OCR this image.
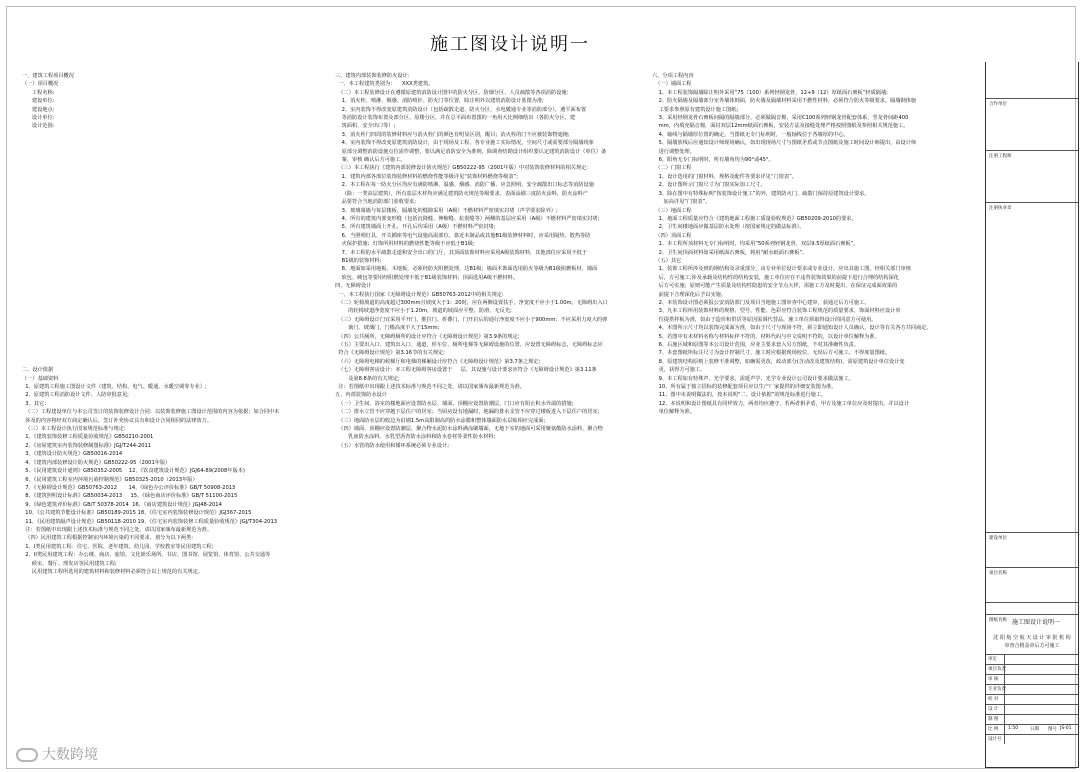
施工图设计说明一
一、建筑工程项目概况
（一）项目概况
工程名称:
建设单位:
建设地点:
设计单位:
设计范围:

二、设计依据
（一）基础资料
1、原建筑工程施工图设计文件（建筑、结构、电气、暖通、水暖空调等专业）;
2、原建筑工程消防设计文件、人防审批意见;
3、其它：
（二）工程建设单位与本公司签订的装饰装修设计合同：以装饰装修施工图设计范围的内容为依据；如合同中未
涉及的内容将经双方商定确认后，签订补充协议具有和设计合同相同的法律效力。
（三）本工程设计执行国家规范标准与规定:
1、《建筑装饰装修工程质量验收规范》GB50210-2001
2、《房屋建筑室内装饰装修制图标准》JGJ/T244-2011
3、《建筑设计防火规范》GB50016-2014
4、《建筑内部装修设计防火规范》GB50222-95（2001年版）
5、《民用建筑设计通则》GB50352-2005    12、《饮食建筑设计规范》JGJ64-89(2008年版本)
6、《民用建筑工程室内环境污染控制规范》GB50325-2010（2013年版）
7、《无障碍设计规范》GB50763-2012       14、《绿色办公评价标准》GB/T 50908-2013
8、《建筑照明设计标准》GB50034-2013     15、《绿色商店评价标准》GB/T 51100-2015
9、《绿色建筑评价标准》GB/T 50378-2014  16、《商店建筑设计规范》JGJ48-2014
10、《公共建筑节能设计标准》GB50189-2015 18、《住宅室内装饰装修设计规范》JGJ367-2015
11、《民用建筑隔声设计规范》GB50118-2010 19、《住宅室内装饰装修工程质量验收规范》JGJ/T304-2013
注：若图纸中出现跟上述技术标准与规范不同之处，请以国家颁布最新规范为准。
（四）民用建筑工程根据控制室内环境污染的不同要求，划分为以下两类:
1、I类民用建筑工程：住宅、医院、老年建筑、幼儿园、学校教室等民用建筑工程;
2、II类民用建筑工程：办公楼、商店、旅馆、文化娱乐场所、书店、图书馆、展览馆、体育馆、公共交通等
候室、餐厅、理发店等民用建筑工程;
民用建筑工程所选用的建筑材料和装修材料必须符合以上规范的有关规定。
三、建筑内部装饰装修防火设计：
一、本工程建筑类别为：    XXX类建筑。
（二）本工程装修设计在遵循原建筑消防设计图中的防火分区、防烟分区、人员疏散等各项消防设施：
1、消火栓、喷淋、烟感、消防喷针、防火门等位置，除注明外以建筑消防设计蓝图为准;
2、室内装饰不得改变原建筑消防设计（包括疏散走道、防火分区、水电暖通专业等消防部分），遇平面布置
等消防设计装饰布置及部分区、原楼分区，并在总平面布置图的一角用大比例细绘出（各防火分区、建
筑面积、安全出口等）;
3、消火栓门四周的装修材料应与消火栓门的颜色有明显区别，醒目；消火栓的门不应被装饰物遮掩;
4、室内装饰不得改变原建筑消防设计，由于现场及工程、各专业施工实际情况，空间尺寸或需要部分隔墙现象
原部分调整消防设施点位需作调整，要以满足消防安全为准则，除调查结勘设计组织要认定建筑消防设计（单位）备
案、审核 确认后方可施工。
（三）本工程执行《建筑内部装修设计防火规范》GB50222-95（2001年版）中对装饰装修材料的相关规定：
1、建筑内部各部位装饰装修材料的燃烧性能等级详见“装饰材料燃烧等级表”;
2、本工程在每一防火分区均应有满防喷淋、温感、烟感、消防广播、应急照明、安全疏散出口标志等消防设施
（除：一类高层建筑），所有基层木材均应满足建筑防火规范等级要求，表面涂刷三度防火涂料，防火涂料产
品要符合当地消防部门验收要求;
3、玻璃幕墙与每层楼板、隔墙处的缝隙采用（A级）不燃材料严密填实封堵（声学要求除外）;
4、所有的建筑内部变形缝（包括沉降缝、伸缩缝、抗震缝等）两侧的基层应采用（A级）不燃材料严密填实封堵;
5、所有建筑墙面上开孔、开孔后均采用（A级）不燃材料严密封堵;
6、当照明灯具、开关插座等电气设施高温部位，靠近木制品或其他B1级装修材料时，应采用隔热、散热等防
火保护措施；灯饰所用材料的燃烧性能等级不应低于B1级;
7、本工程的水平疏散走道和安全出口的门厅，其顶面装饰材料应采用A级装饰材料，其他部位应采用不低于
B1级的装饰材料;
8、地面如采用地板、木地板，必须经防火阻燃处理，达B1级；墙面木饰面选用防火等级为B1级阻燃板材，墙面
软包、硬包等要用经阻燃处理不低于B1级装饰材料；顶面选用A级不燃材料。
四、无障碍设计
一、本工程执行国家《无障碍设计规范》GB50763-2012中的相关规定:
（二）轮椅坡道的高度超过300mm且坡度大于1：20时，应在两侧设置扶手，净宽度不应小于1.00m，无障碍出入口
的轮椅坡道净宽度不应小于1.20m，坡道的坡面应平整、防滑、无反光;
（三）无障碍设计门宜采用平开门、推拉门、折叠门，门开启后的通行净宽度不应小于900mm；不应采用力度大的弹
簧门、玻璃门，门槛高度不大于15mm;
（四）公共厕所，无障碍厕所的设计应符合《无障碍设计规范》第3.9条的规定;
（五）主要出入口、建筑出入口、通道、停车位、厕所电梯等无障碍设施的位置，应设置无障碍标志，无障碍标志应
符合《无障碍设计规范》第3.16节的有关规定;
（六）无障碍电梯的候梯厅和电梯的梯厢设计应符合《无障碍设计规范》第3.7条之规定;
（七）无障碍客房设计：本工程无障碍客房设置于     层，其设施与设计要求应符合《无障碍设计规范》第3.11条
及第8.8条的有关规定;
注：若图纸中出现跟上述技术标准与规范不同之处，请以国家颁布最新规范为准。
五、内部装饰防水设计
（一）卫生间、浴室的楼地面应设置防水层、墙面、顶棚应设置防潮层，门口应有阻止积水外溢的措施;
（二）排水立管不应穿越下层住户的居室；当厨房设有地漏时，地漏的排水支管不应穿过楼板进入下层住户的居室;
（三）地面防水层的收边为沿墙1.5m高限制高的防水涂膜和整体墙面防水层贴相应完成面;
（四）墙面、顶棚应设置防潮层，聚合物水泥防水涂料满涂刷墙面，无地下室的地面可采用聚氨酯防水涂料，聚合物
乳液防水涂料、水乳型沥青防水涂料和防水卷材等柔性防水材料;
（五）水管的防水使用和循环系统必须专业设计;
六、分项工程内容
（一）墙面工程
1、本工程装饰隔墙除注明外采用“75（100）系列轻钢龙骨，12+9（12）厚纸面石膏板”轻质隔墙;
2、防火隔墙及隔墙部分室外墙体倒面，防火墙及隔墙材料采用不燃性材料，必须符合防火等级要求，隔墙钢体施
工要求参照原有建筑设计施工图纸;
3、采用轻钢龙骨石膏板间隔的隔墙部分，必须做隔音棉，采用C100系列轻钢龙骨配套体系，竖龙骨间距400
mm，内填充隔音棉，面封双层12mm纸面石膏板，安装方法及接缝处理严格按照图纸及参照相关规范施工。
4、轴线与隔墙厚位置的确定，当图纸无专门标明时，一般轴线位于各墙厚的中心。
5、隔墙放线后应通知设计师现场确认，如出现现场尺寸与图纸矛盾或节点图纸及施工时间设计师提出，由设计师
进行调整处理。
6、阳角无专门标明时，所有墙角均为90°或45°。
（二）门窗工程
1、设计选用的门窗材料、规格及配件等要求详见“门窗表”。
2、设计图所示门窗尺寸为门窗实际加工尺寸。
3、除在图中有特殊标明“按装饰设计施工”的外，建筑防火门、疏散门保持原建筑设计要求。
加高详见“门窗表”。
（三）地面工程
1、地面工程质量应符合《建筑地面工程施工质量验收规范》GB50209-2010的要求。
2、卫生间楼地面应做基层防水处理（按国家规定的做法标准）。
（四）顶面工程
1、本工程所顶材料无专门标明时，均采用“50系列轻钢龙骨，双层9.5厚纸面石膏板”。
2、卫生间顶面材料如采用纸面石膏板，将用“耐水纸面石膏板”。
（五）其它
1、装饰工程所涉及到的钢结构及录重部分，由专业单位设计要求或专业设计，应出具施工图，经相关部门审核
后，方可施工;涉及承载及结构性的结构安装，施工单位应在不违背装饰效果的前提下进行合理的结构深化
后方可实施；原则可能产生质量及结构性隐患的安全节点大样，需施工方及时提出，在保证完成面效果的
前提下合理深化后予以实施。
2、本装饰设计图必须报公安消防部门及项目当地施工图审查中心建审，获通过后方可施工。
3、凡本工程所用装饰材料的规格、型号、性能、色彩应符合装饰工程规范的质量要求，饰面材料应设计单
位提供样板为准，如由于造价和供货等原因需调代替品，施工单位须取得设计的同意方可使用。
4、本图所示尺寸均以装饰完成面为准，如由于尺寸与现场不符，须立即通知设计人员确认，设计等有关各方共同商定。
5、若图中有未材料名称与材料标样不符的，材料代码与中文说明不符的，以设计单位解释为准。
6、后施区域和原图等本公司设计范围，应业主要求套入另方图纸，不对其准确性负责。
7、本套图纸所标注尺寸为设计控制尺寸，施工时应根据现场校位，无误后方可施工，不得度量图纸。
8、原建筑结构原则上装修不准调整，如确需更改，政动部分(含动改及建筑结构)，需原建筑设计单位设计变
更，获得方可施工。
9、本工程如有特殊声、光学要求，需延声学、光学专业设计公司设计要求做法施工。
10、所有属于独立招标的装修配套项目应以生产厂家提供的详细安装图为准。
11、图中未说明做法的，按本说明“二、设计依据”的规范标准进行施工。
12、本说明和设计图纸具有同样效力，两者均应遵守，若两者相矛盾，甲方及施工单位应及时提出，并以设计
单位解释为准。
合作单位
注册工程师
注册执业章
建设单位
项目名称
图纸名称 施工图设计说明一
沈 阳 航 空 航 天 设 计 审 批 机 构
审查合格盖章后方可施工
审定
项目负责
审 核
专业负责
校 对
设 计
制 图
比 例 1:50	日期 图号 JS-01
设计号
大数跨境
